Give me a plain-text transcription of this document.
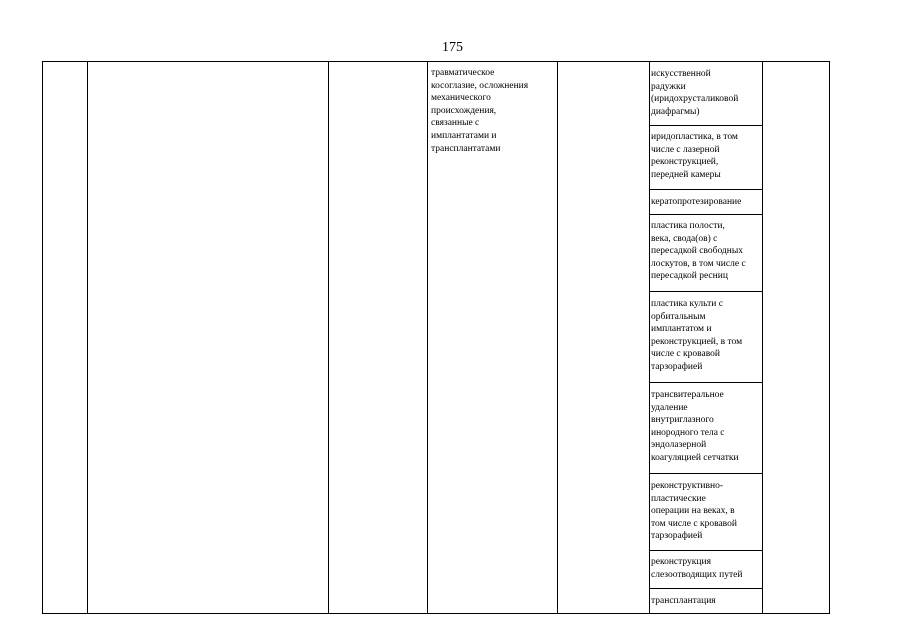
175

травматическое
косоглазие, осложнения
механического
происхождения,
связанные с
имплантатами и
трансплантатами

искусственной
радужки
(иридохрусталиковой
диафрагмы)

иридопластика, в том
числе с лазерной
реконструкцией,
передней камеры

кератопротезирование

пластика полости,
века, свода(ов) с
пересадкой свободных
лоскутов, в том числе с
пересадкой ресниц

пластика культи с
орбитальным
имплантатом и
реконструкцией, в том
числе с кровавой
тарзорафией

трансвитеральное
удаление
внутриглазного
инородного тела с
эндолазерной
коагуляцией сетчатки

реконструктивно-
пластические
операции на веках, в
том числе с кровавой
тарзорафией

реконструкция
слезоотводящих путей

трансплантация
